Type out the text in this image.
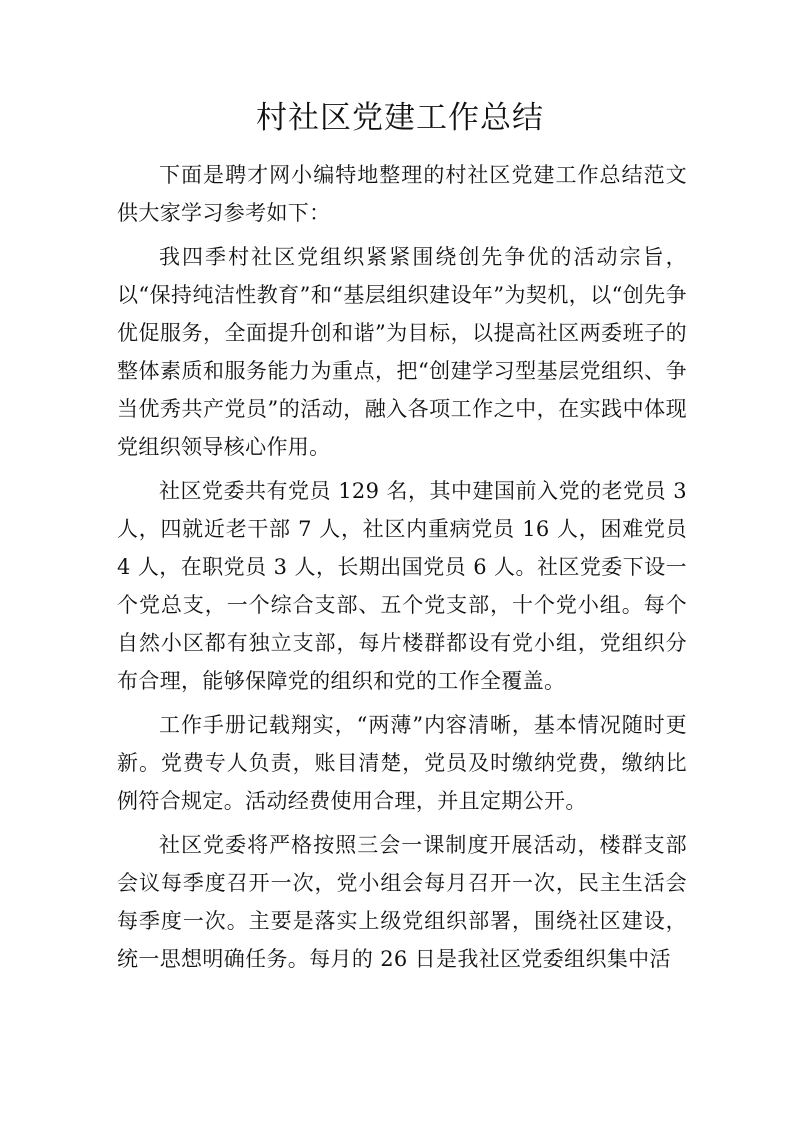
村社区党建工作总结

下面是聘才网小编特地整理的村社区党建工作总结范文供大家学习参考如下：

我四季村社区党组织紧紧围绕创先争优的活动宗旨，以“保持纯洁性教育”和“基层组织建设年”为契机，以“创先争优促服务，全面提升创和谐”为目标，以提高社区两委班子的整体素质和服务能力为重点，把“创建学习型基层党组织、争当优秀共产党员”的活动，融入各项工作之中，在实践中体现党组织领导核心作用。

社区党委共有党员 129 名，其中建国前入党的老党员 3 人，四就近老干部 7 人，社区内重病党员 16 人，困难党员 4 人，在职党员 3 人，长期出国党员 6 人。社区党委下设一个党总支，一个综合支部、五个党支部，十个党小组。每个自然小区都有独立支部，每片楼群都设有党小组，党组织分布合理，能够保障党的组织和党的工作全覆盖。

工作手册记载翔实，“两薄”内容清晰，基本情况随时更新。党费专人负责，账目清楚，党员及时缴纳党费，缴纳比例符合规定。活动经费使用合理，并且定期公开。

社区党委将严格按照三会一课制度开展活动，楼群支部会议每季度召开一次，党小组会每月召开一次，民主生活会每季度一次。主要是落实上级党组织部署，围绕社区建设，统一思想明确任务。每月的 26 日是我社区党委组织集中活
